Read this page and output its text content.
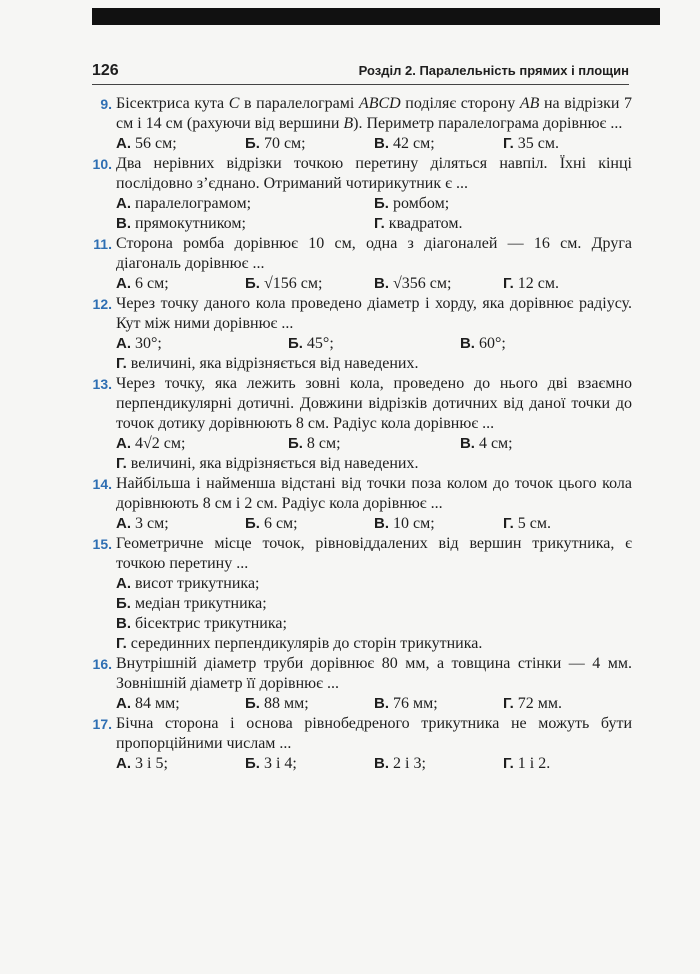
126	Розділ 2. Паралельність прямих і площин
9. Бісектриса кута C в паралелограмі ABCD поділяє сторону AB на відрізки 7 см і 14 см (рахуючи від вершини B). Периметр паралелограма дорівнює ...
А. 56 см;	Б. 70 см;	В. 42 см;	Г. 35 см.
10. Два нерівних відрізки точкою перетину діляться навпіл. Їхні кінці послідовно з’єднано. Отриманий чотирикутник є ...
А. паралелограмом;	Б. ромбом;
В. прямокутником;	Г. квадратом.
11. Сторона ромба дорівнює 10 см, одна з діагоналей — 16 см. Друга діагональ дорівнює ...
А. 6 см;	Б. √156 см;	В. √356 см;	Г. 12 см.
12. Через точку даного кола проведено діаметр і хорду, яка дорівнює радіусу. Кут між ними дорівнює ...
А. 30°;	Б. 45°;	В. 60°;
Г. величині, яка відрізняється від наведених.
13. Через точку, яка лежить зовні кола, проведено до нього дві взаємно перпендикулярні дотичні. Довжини відрізків дотичних від даної точки до точок дотику дорівнюють 8 см. Радіус кола дорівнює ...
А. 4√2 см;	Б. 8 см;	В. 4 см;
Г. величині, яка відрізняється від наведених.
14. Найбільша і найменша відстані від точки поза колом до точок цього кола дорівнюють 8 см і 2 см. Радіус кола дорівнює ...
А. 3 см;	Б. 6 см;	В. 10 см;	Г. 5 см.
15. Геометричне місце точок, рівновіддалених від вершин трикутника, є точкою перетину ...
А. висот трикутника;
Б. медіан трикутника;
В. бісектрис трикутника;
Г. серединних перпендикулярів до сторін трикутника.
16. Внутрішній діаметр труби дорівнює 80 мм, а товщина стінки — 4 мм. Зовнішній діаметр її дорівнює ...
А. 84 мм;	Б. 88 мм;	В. 76 мм;	Г. 72 мм.
17. Бічна сторона і основа рівнобедреного трикутника не можуть бути пропорційними числам ...
А. 3 і 5;	Б. 3 і 4;	В. 2 і 3;	Г. 1 і 2.
